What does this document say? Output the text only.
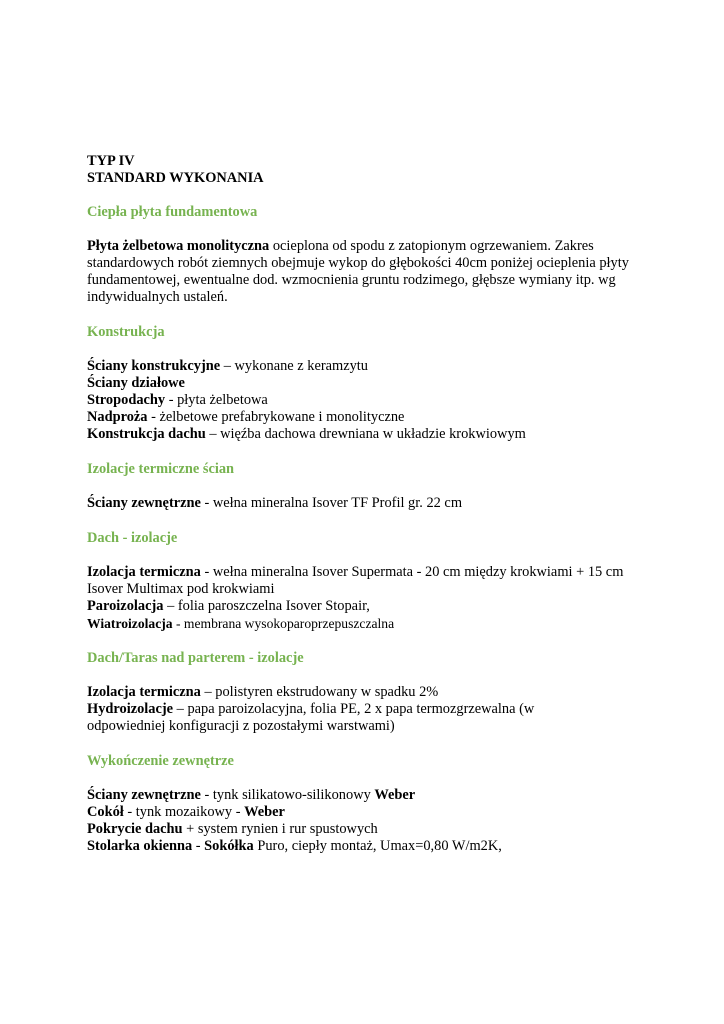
TYP IV
STANDARD WYKONANIA
Ciepła płyta fundamentowa
Płyta żelbetowa monolityczna ocieplona od spodu z zatopionym ogrzewaniem. Zakres
standardowych robót ziemnych obejmuje wykop do głębokości 40cm poniżej ocieplenia płyty
fundamentowej, ewentualne dod. wzmocnienia gruntu rodzimego, głębsze wymiany itp. wg
indywidualnych ustaleń.
Konstrukcja
Ściany konstrukcyjne – wykonane z keramzytu
Ściany działowe
Stropodachy - płyta żelbetowa
Nadproża - żelbetowe prefabrykowane i monolityczne
Konstrukcja dachu – więźba dachowa drewniana w układzie krokwiowym
Izolacje termiczne ścian
Ściany zewnętrzne - wełna mineralna Isover TF Profil gr. 22 cm
Dach - izolacje
Izolacja termiczna - wełna mineralna Isover Supermata - 20 cm między krokwiami + 15 cm
Isover Multimax pod krokwiami
Paroizolacja – folia paroszczelna Isover Stopair,
Wiatroizolacja - membrana wysokoparoprzepuszczalna
Dach/Taras nad parterem - izolacje
Izolacja termiczna – polistyren ekstrudowany w spadku 2%
Hydroizolacje – papa paroizolacyjna, folia PE, 2 x papa termozgrzewalna (w
odpowiedniej konfiguracji z pozostałymi warstwami)
Wykończenie zewnętrze
Ściany zewnętrzne - tynk silikatowo-silikonowy Weber
Cokół - tynk mozaikowy - Weber
Pokrycie dachu + system rynien i rur spustowych
Stolarka okienna - Sokółka Puro, ciepły montaż, Umax=0,80 W/m2K,
